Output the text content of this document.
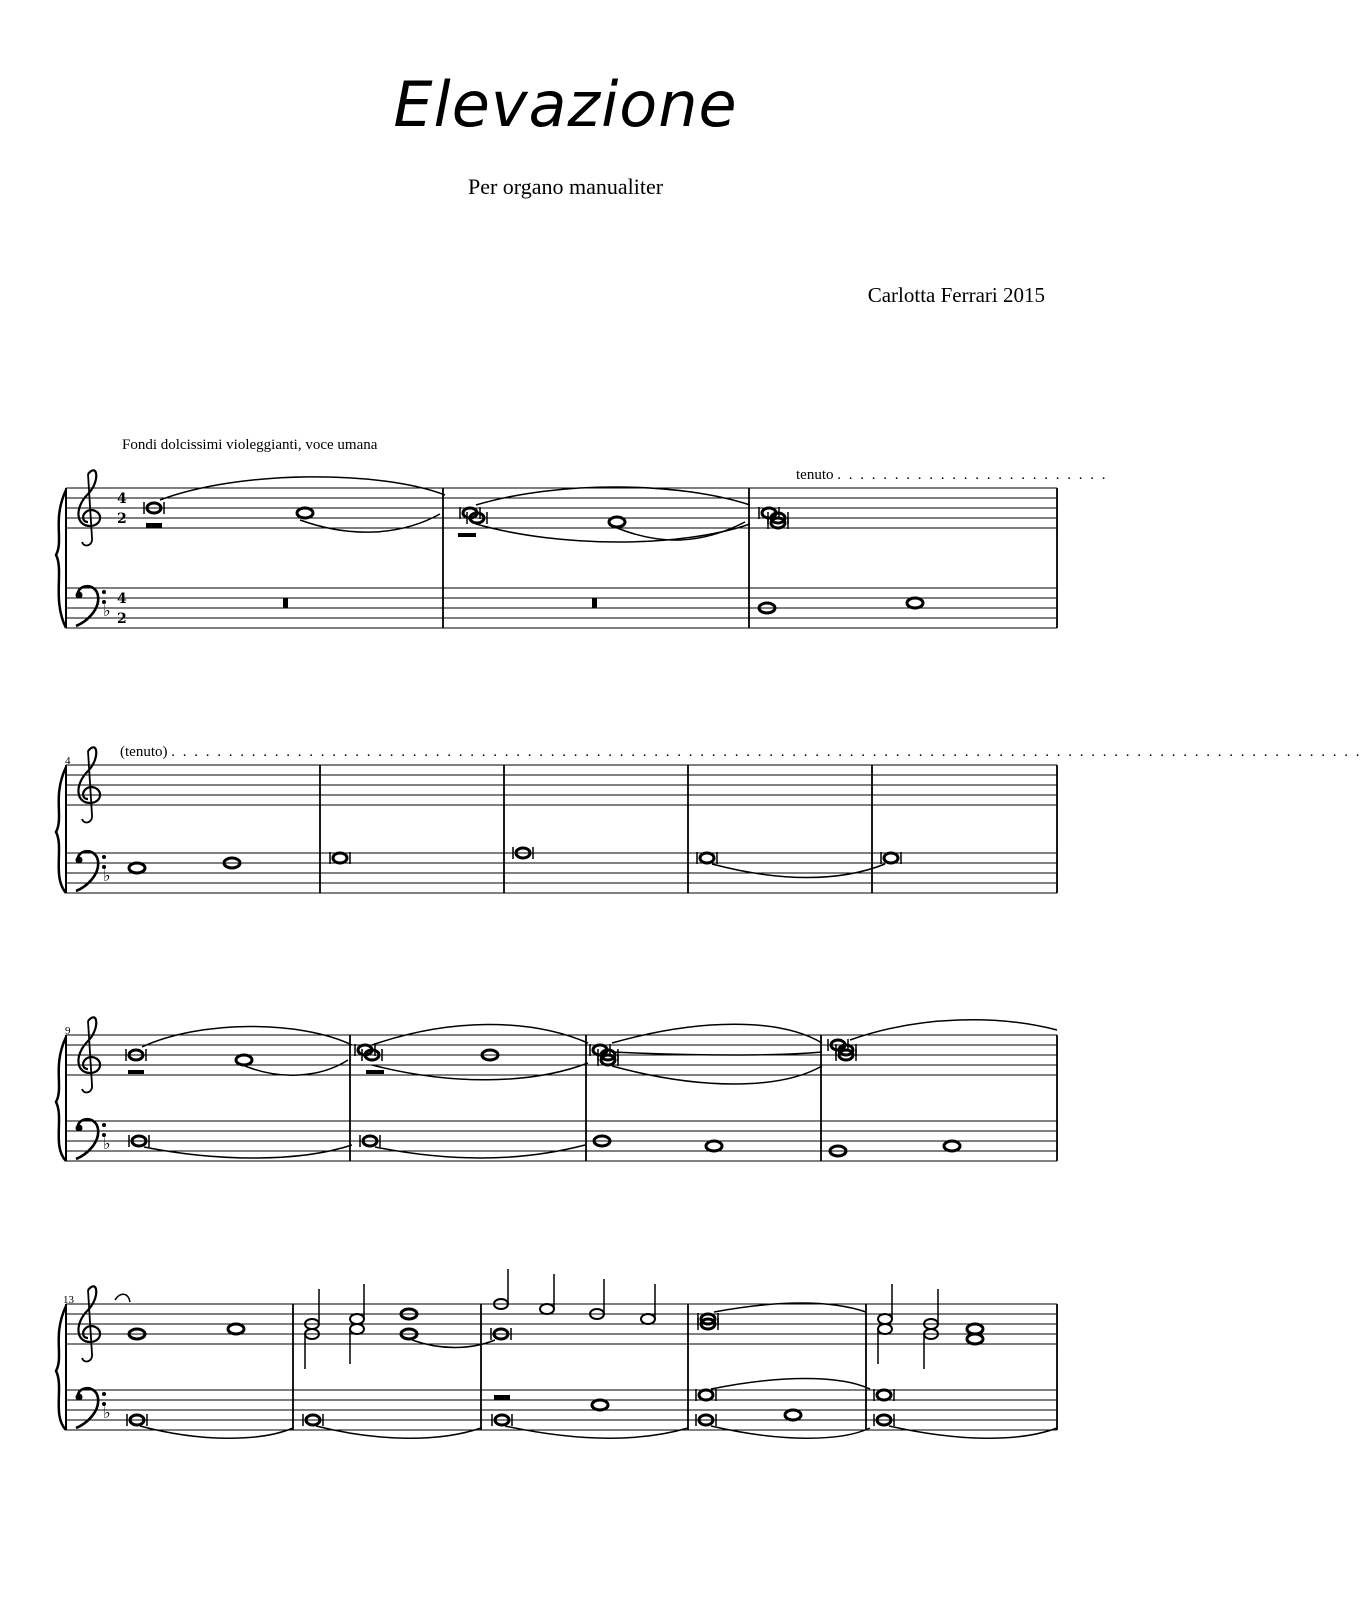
Elevazione
Per organo manualiter
Carlotta Ferrari 2015
Fondi dolcissimi violeggianti, voce umana
tenuto . . . . . . . . . . . . . . . . . . . . . . . .
(tenuto) . . . . . . . . . . . . . . . . . . . . . . . . . . . . . . . . . . . . . . . . . . . . . . . . . . . . . . . . . . . . . . . . . . . . . . . . . . . . . . . . . . . . . . . . . . . . . . . . . . . . . . . .
4
9
13
4
2
4
2
♭
♭
♭
♭
